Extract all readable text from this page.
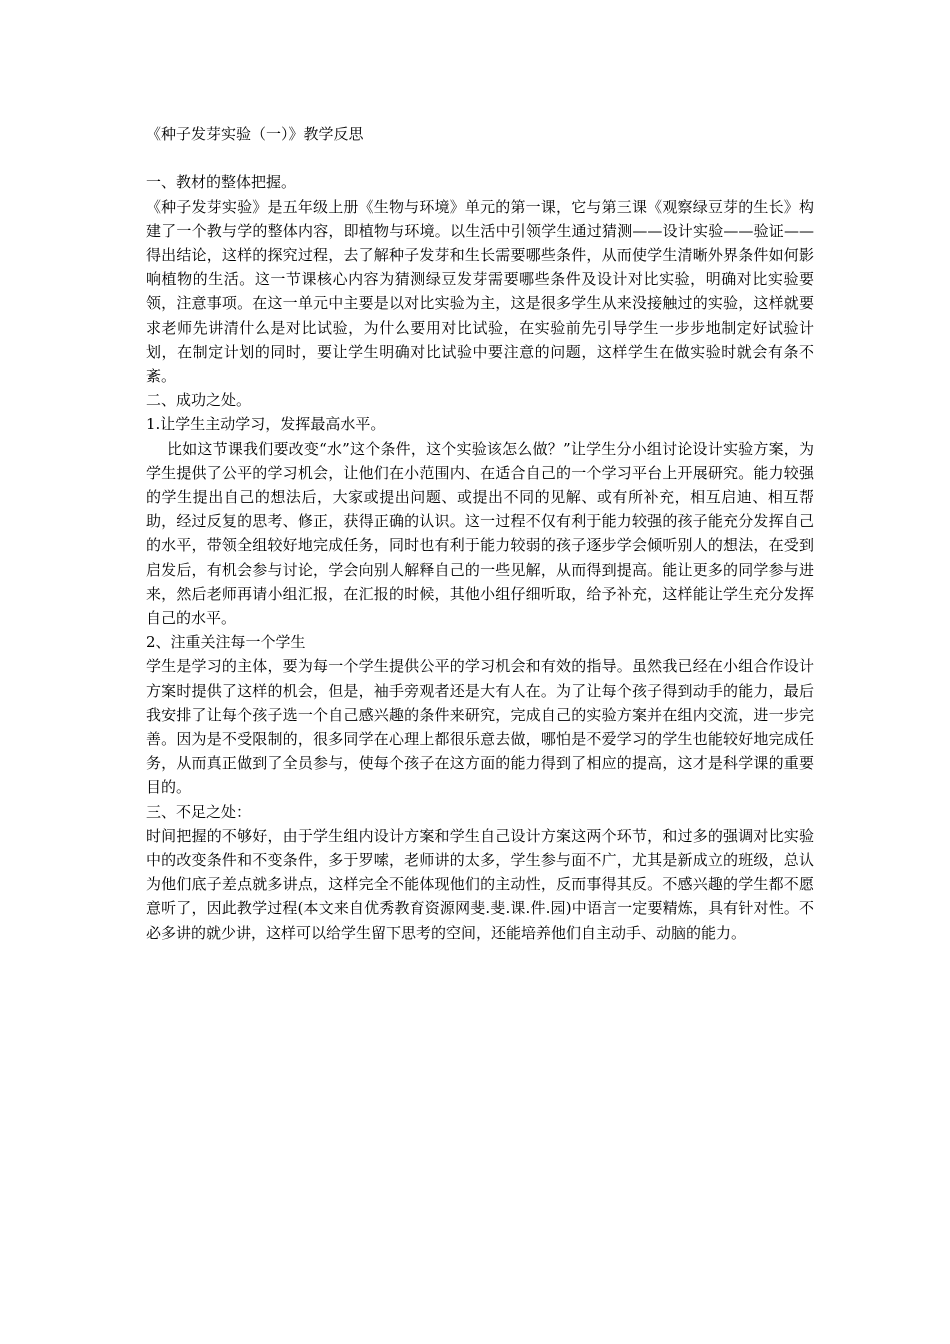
《种子发芽实验（一）》教学反思

一、教材的整体把握。

《种子发芽实验》是五年级上册《生物与环境》单元的第一课，它与第三课《观察绿豆芽的生长》构建了一个教与学的整体内容，即植物与环境。以生活中引领学生通过猜测——设计实验——验证——得出结论，这样的探究过程，去了解种子发芽和生长需要哪些条件，从而使学生清晰外界条件如何影响植物的生活。这一节课核心内容为猜测绿豆发芽需要哪些条件及设计对比实验，明确对比实验要领，注意事项。在这一单元中主要是以对比实验为主，这是很多学生从来没接触过的实验，这样就要求老师先讲清什么是对比试验，为什么要用对比试验，在实验前先引导学生一步步地制定好试验计划，在制定计划的同时，要让学生明确对比试验中要注意的问题，这样学生在做实验时就会有条不紊。

二、成功之处。

1.让学生主动学习，发挥最高水平。

比如这节课我们要改变“水”这个条件，这个实验该怎么做？”让学生分小组讨论设计实验方案，为学生提供了公平的学习机会，让他们在小范围内、在适合自己的一个学习平台上开展研究。能力较强的学生提出自己的想法后，大家或提出问题、或提出不同的见解、或有所补充，相互启迪、相互帮助，经过反复的思考、修正，获得正确的认识。这一过程不仅有利于能力较强的孩子能充分发挥自己的水平，带领全组较好地完成任务，同时也有利于能力较弱的孩子逐步学会倾听别人的想法，在受到启发后，有机会参与讨论，学会向别人解释自己的一些见解，从而得到提高。能让更多的同学参与进来，然后老师再请小组汇报，在汇报的时候，其他小组仔细听取，给予补充，这样能让学生充分发挥自己的水平。

2、注重关注每一个学生

学生是学习的主体，要为每一个学生提供公平的学习机会和有效的指导。虽然我已经在小组合作设计方案时提供了这样的机会，但是，袖手旁观者还是大有人在。为了让每个孩子得到动手的能力，最后我安排了让每个孩子选一个自己感兴趣的条件来研究，完成自己的实验方案并在组内交流，进一步完善。因为是不受限制的，很多同学在心理上都很乐意去做，哪怕是不爱学习的学生也能较好地完成任务，从而真正做到了全员参与，使每个孩子在这方面的能力得到了相应的提高，这才是科学课的重要目的。

三、不足之处：

时间把握的不够好，由于学生组内设计方案和学生自己设计方案这两个环节，和过多的强调对比实验中的改变条件和不变条件，多于罗嗦，老师讲的太多，学生参与面不广，尤其是新成立的班级，总认为他们底子差点就多讲点，这样完全不能体现他们的主动性，反而事得其反。不感兴趣的学生都不愿意听了，因此教学过程(本文来自优秀教育资源网斐.斐.课.件.园)中语言一定要精炼，具有针对性。不必多讲的就少讲，这样可以给学生留下思考的空间，还能培养他们自主动手、动脑的能力。
